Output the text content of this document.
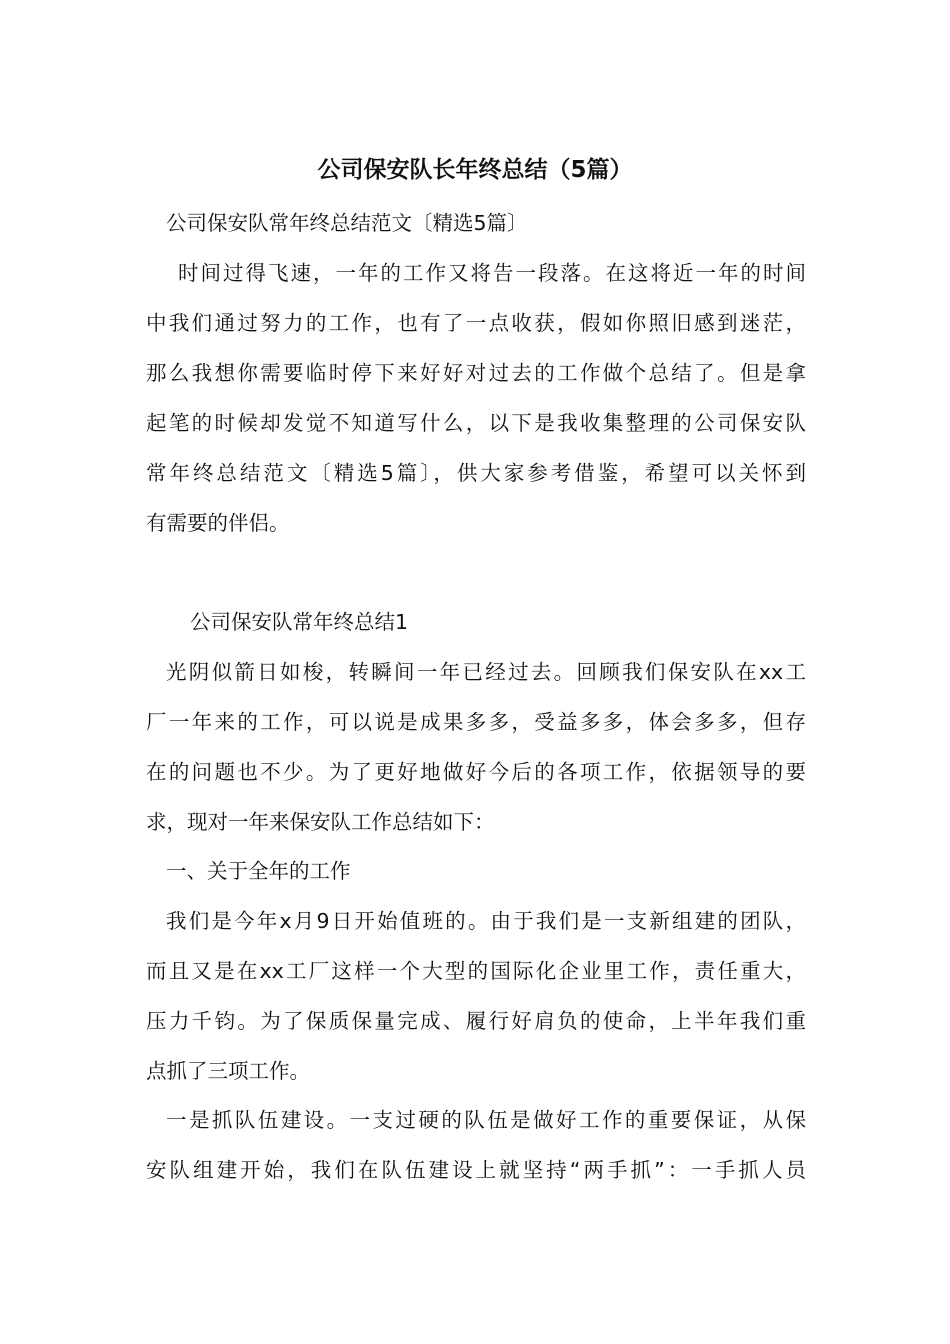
公司保安队长年终总结（5篇）

公司保安队常年终总结范文〔精选5篇〕

时间过得飞速，一年的工作又将告一段落。在这将近一年的时间

中我们通过努力的工作，也有了一点收获，假如你照旧感到迷茫，

那么我想你需要临时停下来好好对过去的工作做个总结了。但是拿

起笔的时候却发觉不知道写什么，以下是我收集整理的公司保安队

常年终总结范文〔精选5篇〕，供大家参考借鉴，希望可以关怀到

有需要的伴侣。

公司保安队常年终总结1

光阴似箭日如梭，转瞬间一年已经过去。回顾我们保安队在xx工

厂一年来的工作，可以说是成果多多，受益多多，体会多多，但存

在的问题也不少。为了更好地做好今后的各项工作，依据领导的要

求，现对一年来保安队工作总结如下：

一、关于全年的工作

我们是今年x月9日开始值班的。由于我们是一支新组建的团队，

而且又是在xx工厂这样一个大型的国际化企业里工作，责任重大，

压力千钧。为了保质保量完成、履行好肩负的使命，上半年我们重

点抓了三项工作。

一是抓队伍建设。一支过硬的队伍是做好工作的重要保证，从保

安队组建开始，我们在队伍建设上就坚持“两手抓”：一手抓人员
